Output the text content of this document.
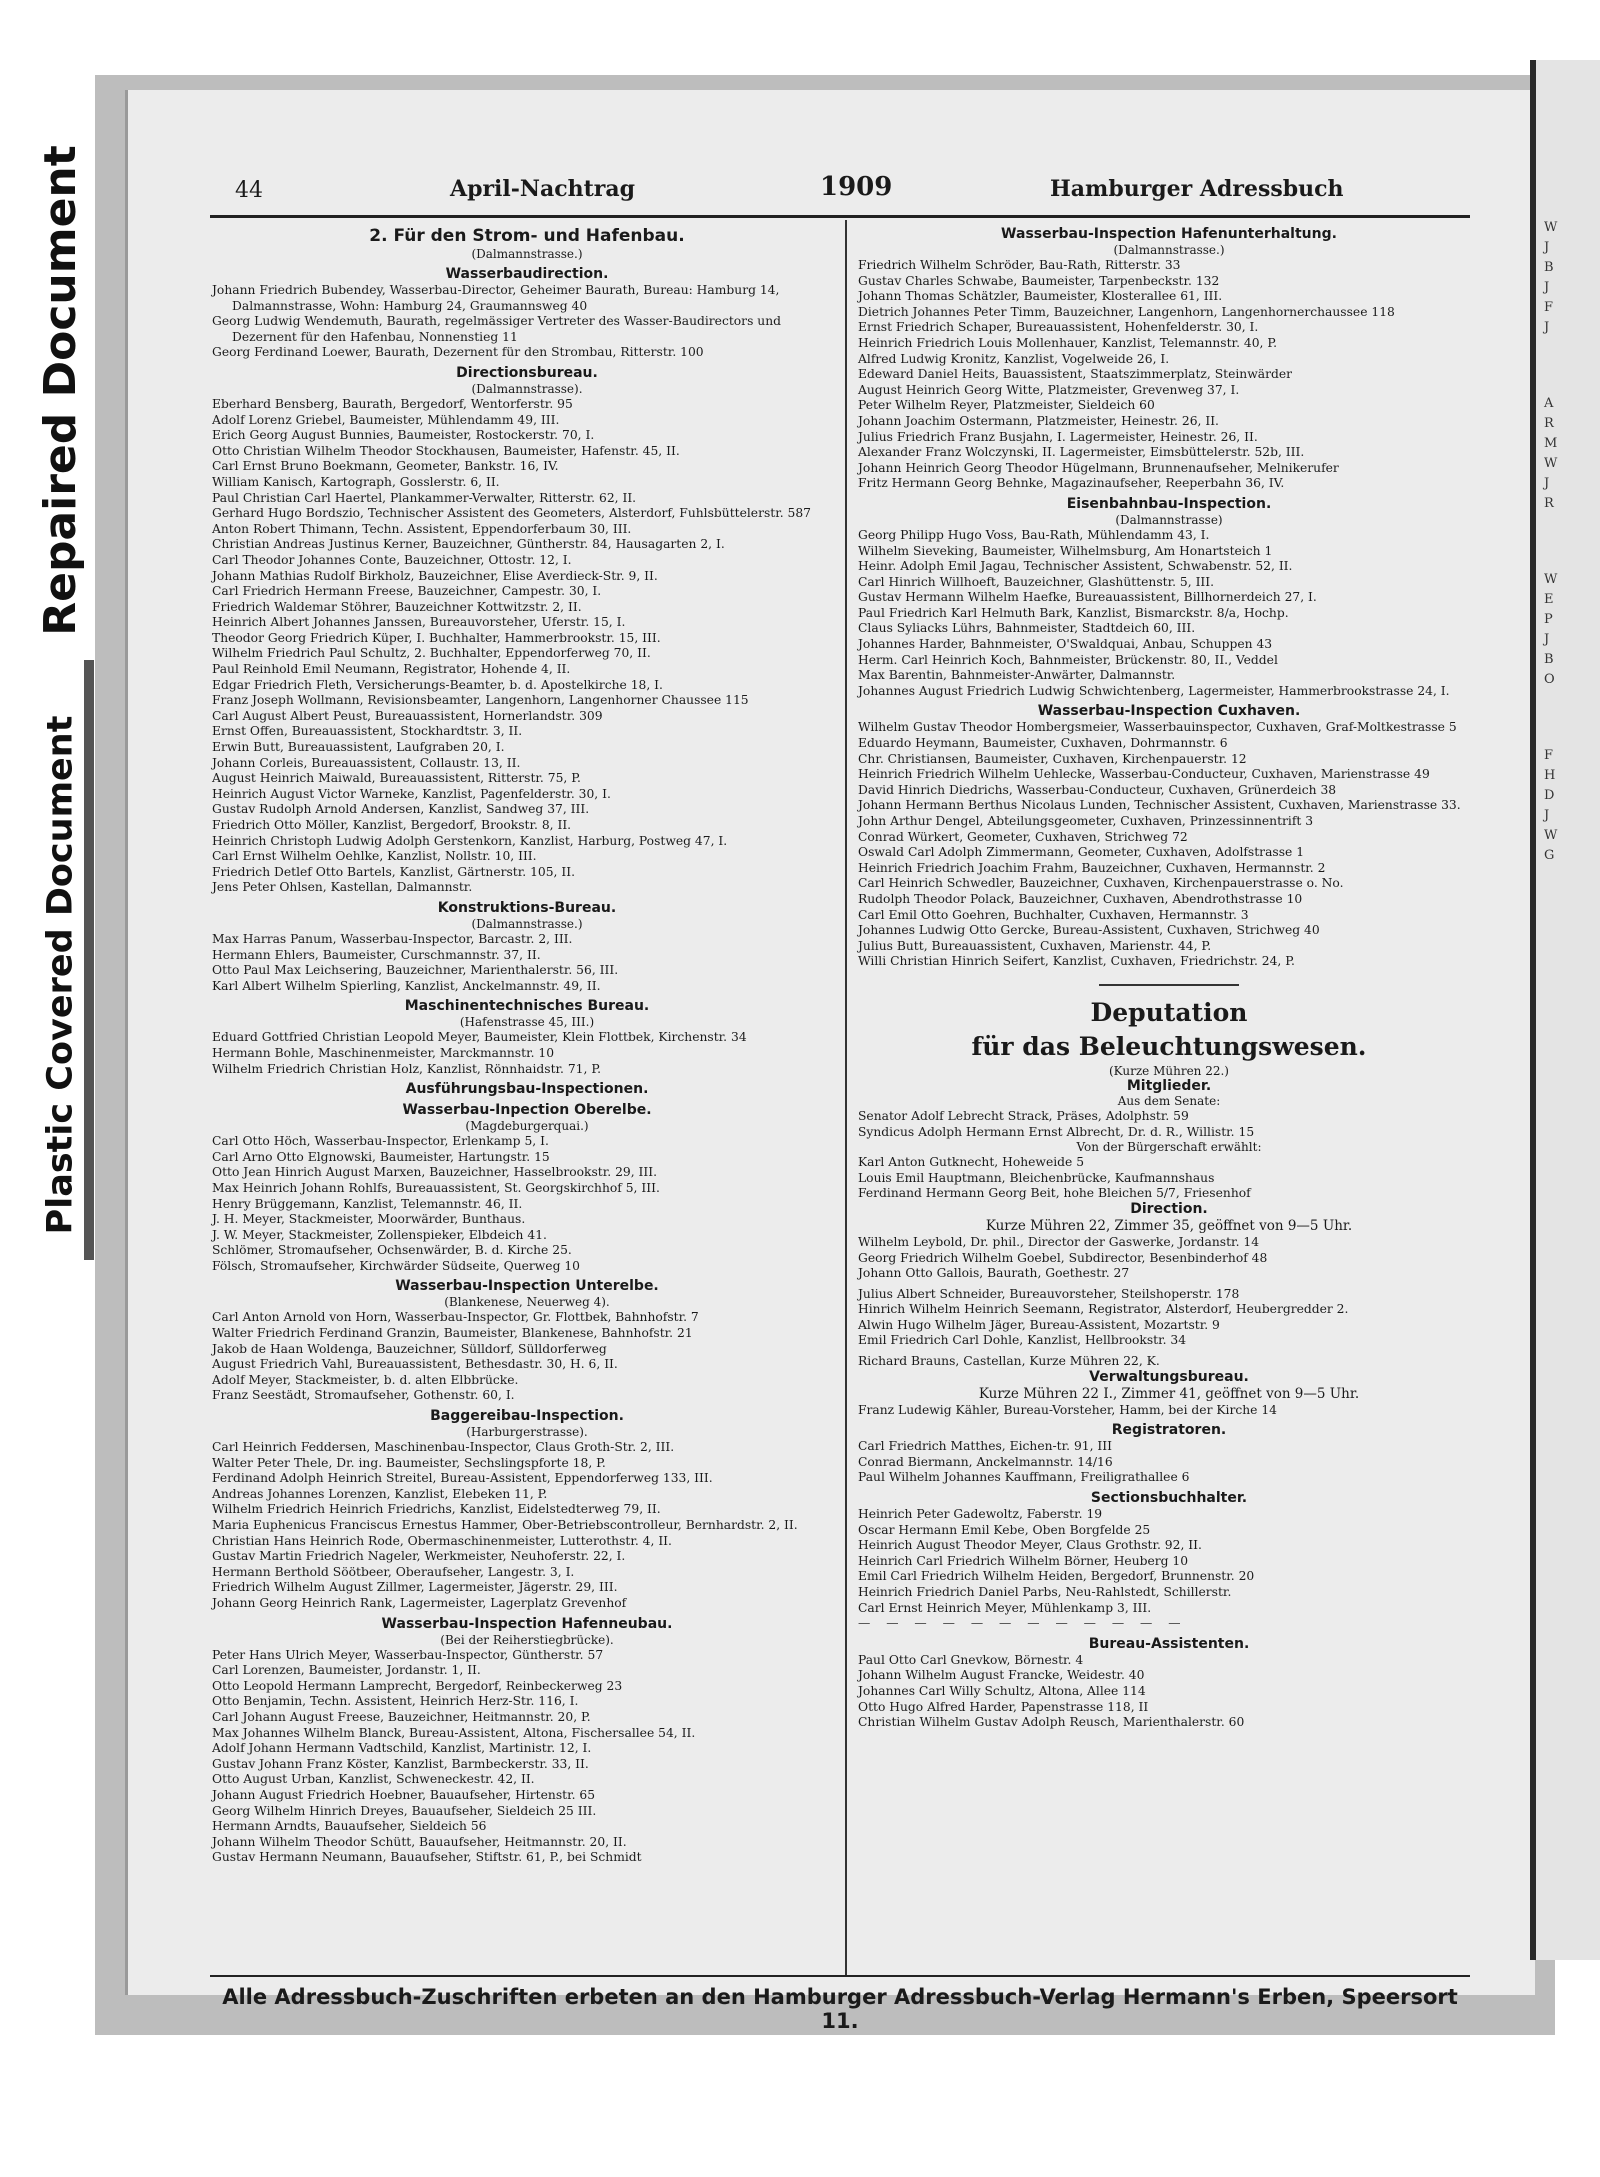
W
J
B
J
F
J
A
R
M
W
J
R
W
E
P
J
B
O
F
H
D
J
W
G
Repaired Document
Plastic Covered Document
44	April-Nachtrag	1909	Hamburger Adressbuch
2. Für den Strom- und Hafenbau.
(Dalmannstrasse.)
Wasserbaudirection.
Johann Friedrich Bubendey, Wasserbau-Director, Geheimer Baurath, Bureau: Hamburg 14, Dalmannstrasse, Wohn: Hamburg 24, Graumannsweg 40
Georg Ludwig Wendemuth, Baurath, regelmässiger Vertreter des Wasser-Baudirectors und Dezernent für den Hafenbau, Nonnenstieg 11
Georg Ferdinand Loewer, Baurath, Dezernent für den Strombau, Ritterstr. 100
Directionsbureau.
(Dalmannstrasse).
Eberhard Bensberg, Baurath, Bergedorf, Wentorferstr. 95
Adolf Lorenz Griebel, Baumeister, Mühlendamm 49, III.
Erich Georg August Bunnies, Baumeister, Rostockerstr. 70, I.
Otto Christian Wilhelm Theodor Stockhausen, Baumeister, Hafenstr. 45, II.
Carl Ernst Bruno Boekmann, Geometer, Bankstr. 16, IV.
William Kanisch, Kartograph, Gosslerstr. 6, II.
Paul Christian Carl Haertel, Plankammer-Verwalter, Ritterstr. 62, II.
Gerhard Hugo Bordszio, Technischer Assistent des Geometers, Alsterdorf, Fuhlsbüttelerstr. 587
Anton Robert Thimann, Techn. Assistent, Eppendorferbaum 30, III.
Christian Andreas Justinus Kerner, Bauzeichner, Güntherstr. 84, Hausagarten 2, I.
Carl Theodor Johannes Conte, Bauzeichner, Ottostr. 12, I.
Johann Mathias Rudolf Birkholz, Bauzeichner, Elise Averdieck-Str. 9, II.
Carl Friedrich Hermann Freese, Bauzeichner, Campestr. 30, I.
Friedrich Waldemar Stöhrer, Bauzeichner Kottwitzstr. 2, II.
Heinrich Albert Johannes Janssen, Bureauvorsteher, Uferstr. 15, I.
Theodor Georg Friedrich Küper, I. Buchhalter, Hammerbrookstr. 15, III.
Wilhelm Friedrich Paul Schultz, 2. Buchhalter, Eppendorferweg 70, II.
Paul Reinhold Emil Neumann, Registrator, Hohende 4, II.
Edgar Friedrich Fleth, Versicherungs-Beamter, b. d. Apostelkirche 18, I.
Franz Joseph Wollmann, Revisionsbeamter, Langenhorn, Langenhorner Chaussee 115
Carl August Albert Peust, Bureauassistent, Hornerlandstr. 309
Ernst Offen, Bureauassistent, Stockhardtstr. 3, II.
Erwin Butt, Bureauassistent, Laufgraben 20, I.
Johann Corleis, Bureauassistent, Collaustr. 13, II.
August Heinrich Maiwald, Bureauassistent, Ritterstr. 75, P.
Heinrich August Victor Warneke, Kanzlist, Pagenfelderstr. 30, I.
Gustav Rudolph Arnold Andersen, Kanzlist, Sandweg 37, III.
Friedrich Otto Möller, Kanzlist, Bergedorf, Brookstr. 8, II.
Heinrich Christoph Ludwig Adolph Gerstenkorn, Kanzlist, Harburg, Postweg 47, I.
Carl Ernst Wilhelm Oehlke, Kanzlist, Nollstr. 10, III.
Friedrich Detlef Otto Bartels, Kanzlist, Gärtnerstr. 105, II.
Jens Peter Ohlsen, Kastellan, Dalmannstr.
Konstruktions-Bureau.
(Dalmannstrasse.)
Max Harras Panum, Wasserbau-Inspector, Barcastr. 2, III.
Hermann Ehlers, Baumeister, Curschmannstr. 37, II.
Otto Paul Max Leichsering, Bauzeichner, Marienthalerstr. 56, III.
Karl Albert Wilhelm Spierling, Kanzlist, Anckelmannstr. 49, II.
Maschinentechnisches Bureau.
(Hafenstrasse 45, III.)
Eduard Gottfried Christian Leopold Meyer, Baumeister, Klein Flottbek, Kirchenstr. 34
Hermann Bohle, Maschinenmeister, Marckmannstr. 10
Wilhelm Friedrich Christian Holz, Kanzlist, Rönnhaidstr. 71, P.
Ausführungsbau-Inspectionen.
Wasserbau-Inpection Oberelbe.
(Magdeburgerquai.)
Carl Otto Höch, Wasserbau-Inspector, Erlenkamp 5, I.
Carl Arno Otto Elgnowski, Baumeister, Hartungstr. 15
Otto Jean Hinrich August Marxen, Bauzeichner, Hasselbrookstr. 29, III.
Max Heinrich Johann Rohlfs, Bureauassistent, St. Georgskirchhof 5, III.
Henry Brüggemann, Kanzlist, Telemannstr. 46, II.
J. H. Meyer, Stackmeister, Moorwärder, Bunthaus.
J. W. Meyer, Stackmeister, Zollenspieker, Elbdeich 41.
Schlömer, Stromaufseher, Ochsenwärder, B. d. Kirche 25.
Fölsch, Stromaufseher, Kirchwärder Südseite, Querweg 10
Wasserbau-Inspection Unterelbe.
(Blankenese, Neuerweg 4).
Carl Anton Arnold von Horn, Wasserbau-Inspector, Gr. Flottbek, Bahnhofstr. 7
Walter Friedrich Ferdinand Granzin, Baumeister, Blankenese, Bahnhofstr. 21
Jakob de Haan Woldenga, Bauzeichner, Sülldorf, Sülldorferweg
August Friedrich Vahl, Bureauassistent, Bethesdastr. 30, H. 6, II.
Adolf Meyer, Stackmeister, b. d. alten Elbbrücke.
Franz Seestädt, Stromaufseher, Gothenstr. 60, I.
Baggereibau-Inspection.
(Harburgerstrasse).
Carl Heinrich Feddersen, Maschinenbau-Inspector, Claus Groth-Str. 2, III.
Walter Peter Thele, Dr. ing. Baumeister, Sechslingspforte 18, P.
Ferdinand Adolph Heinrich Streitel, Bureau-Assistent, Eppendorferweg 133, III.
Andreas Johannes Lorenzen, Kanzlist, Elebeken 11, P.
Wilhelm Friedrich Heinrich Friedrichs, Kanzlist, Eidelstedterweg 79, II.
Maria Euphenicus Franciscus Ernestus Hammer, Ober-Betriebscontrolleur, Bernhardstr. 2, II.
Christian Hans Heinrich Rode, Obermaschinenmeister, Lutterothstr. 4, II.
Gustav Martin Friedrich Nageler, Werkmeister, Neuhoferstr. 22, I.
Hermann Berthold Söötbeer, Oberaufseher, Langestr. 3, I.
Friedrich Wilhelm August Zillmer, Lagermeister, Jägerstr. 29, III.
Johann Georg Heinrich Rank, Lagermeister, Lagerplatz Grevenhof
Wasserbau-Inspection Hafenneubau.
(Bei der Reiherstiegbrücke).
Peter Hans Ulrich Meyer, Wasserbau-Inspector, Güntherstr. 57
Carl Lorenzen, Baumeister, Jordanstr. 1, II.
Otto Leopold Hermann Lamprecht, Bergedorf, Reinbeckerweg 23
Otto Benjamin, Techn. Assistent, Heinrich Herz-Str. 116, I.
Carl Johann August Freese, Bauzeichner, Heitmannstr. 20, P.
Max Johannes Wilhelm Blanck, Bureau-Assistent, Altona, Fischersallee 54, II.
Adolf Johann Hermann Vadtschild, Kanzlist, Martinistr. 12, I.
Gustav Johann Franz Köster, Kanzlist, Barmbeckerstr. 33, II.
Otto August Urban, Kanzlist, Schweneckestr. 42, II.
Johann August Friedrich Hoebner, Bauaufseher, Hirtenstr. 65
Georg Wilhelm Hinrich Dreyes, Bauaufseher, Sieldeich 25 III.
Hermann Arndts, Bauaufseher, Sieldeich 56
Johann Wilhelm Theodor Schütt, Bauaufseher, Heitmannstr. 20, II.
Gustav Hermann Neumann, Bauaufseher, Stiftstr. 61, P., bei Schmidt
Wasserbau-Inspection Hafenunterhaltung.
(Dalmannstrasse.)
Friedrich Wilhelm Schröder, Bau-Rath, Ritterstr. 33
Gustav Charles Schwabe, Baumeister, Tarpenbeckstr. 132
Johann Thomas Schätzler, Baumeister, Klosterallee 61, III.
Dietrich Johannes Peter Timm, Bauzeichner, Langenhorn, Langenhornerchaussee 118
Ernst Friedrich Schaper, Bureauassistent, Hohenfelderstr. 30, I.
Heinrich Friedrich Louis Mollenhauer, Kanzlist, Telemannstr. 40, P.
Alfred Ludwig Kronitz, Kanzlist, Vogelweide 26, I.
Edeward Daniel Heits, Bauassistent, Staatszimmerplatz, Steinwärder
August Heinrich Georg Witte, Platzmeister, Grevenweg 37, I.
Peter Wilhelm Reyer, Platzmeister, Sieldeich 60
Johann Joachim Ostermann, Platzmeister, Heinestr. 26, II.
Julius Friedrich Franz Busjahn, I. Lagermeister, Heinestr. 26, II.
Alexander Franz Wolczynski, II. Lagermeister, Eimsbüttelerstr. 52b, III.
Johann Heinrich Georg Theodor Hügelmann, Brunnenaufseher, Melnikerufer
Fritz Hermann Georg Behnke, Magazinaufseher, Reeperbahn 36, IV.
Eisenbahnbau-Inspection.
(Dalmannstrasse)
Georg Philipp Hugo Voss, Bau-Rath, Mühlendamm 43, I.
Wilhelm Sieveking, Baumeister, Wilhelmsburg, Am Honartsteich 1
Heinr. Adolph Emil Jagau, Technischer Assistent, Schwabenstr. 52, II.
Carl Hinrich Willhoeft, Bauzeichner, Glashüttenstr. 5, III.
Gustav Hermann Wilhelm Haefke, Bureauassistent, Billhornerdeich 27, I.
Paul Friedrich Karl Helmuth Bark, Kanzlist, Bismarckstr. 8/a, Hochp.
Claus Syliacks Lührs, Bahnmeister, Stadtdeich 60, III.
Johannes Harder, Bahnmeister, O'Swaldquai, Anbau, Schuppen 43
Herm. Carl Heinrich Koch, Bahnmeister, Brückenstr. 80, II., Veddel
Max Barentin, Bahnmeister-Anwärter, Dalmannstr.
Johannes August Friedrich Ludwig Schwichtenberg, Lagermeister, Hammerbrookstrasse 24, I.
Wasserbau-Inspection Cuxhaven.
Wilhelm Gustav Theodor Hombergsmeier, Wasserbauinspector, Cuxhaven, Graf-Moltkestrasse 5
Eduardo Heymann, Baumeister, Cuxhaven, Dohrmannstr. 6
Chr. Christiansen, Baumeister, Cuxhaven, Kirchenpauerstr. 12
Heinrich Friedrich Wilhelm Uehlecke, Wasserbau-Conducteur, Cuxhaven, Marienstrasse 49
David Hinrich Diedrichs, Wasserbau-Conducteur, Cuxhaven, Grünerdeich 38
Johann Hermann Berthus Nicolaus Lunden, Technischer Assistent, Cuxhaven, Marienstrasse 33.
John Arthur Dengel, Abteilungsgeometer, Cuxhaven, Prinzessinnentrift 3
Conrad Würkert, Geometer, Cuxhaven, Strichweg 72
Oswald Carl Adolph Zimmermann, Geometer, Cuxhaven, Adolfstrasse 1
Heinrich Friedrich Joachim Frahm, Bauzeichner, Cuxhaven, Hermannstr. 2
Carl Heinrich Schwedler, Bauzeichner, Cuxhaven, Kirchenpauerstrasse o. No.
Rudolph Theodor Polack, Bauzeichner, Cuxhaven, Abendrothstrasse 10
Carl Emil Otto Goehren, Buchhalter, Cuxhaven, Hermannstr. 3
Johannes Ludwig Otto Gercke, Bureau-Assistent, Cuxhaven, Strichweg 40
Julius Butt, Bureauassistent, Cuxhaven, Marienstr. 44, P.
Willi Christian Hinrich Seifert, Kanzlist, Cuxhaven, Friedrichstr. 24, P.
Deputation
für das Beleuchtungswesen.
(Kurze Mühren 22.)
Mitglieder.
Aus dem Senate:
Senator Adolf Lebrecht Strack, Präses, Adolphstr. 59
Syndicus Adolph Hermann Ernst Albrecht, Dr. d. R., Willistr. 15
Von der Bürgerschaft erwählt:
Karl Anton Gutknecht, Hoheweide 5
Louis Emil Hauptmann, Bleichenbrücke, Kaufmannshaus
Ferdinand Hermann Georg Beit, hohe Bleichen 5/7, Friesenhof
Direction.
Kurze Mühren 22, Zimmer 35, geöffnet von 9—5 Uhr.
Wilhelm Leybold, Dr. phil., Director der Gaswerke, Jordanstr. 14
Georg Friedrich Wilhelm Goebel, Subdirector, Besenbinderhof 48
Johann Otto Gallois, Baurath, Goethestr. 27
Julius Albert Schneider, Bureauvorsteher, Steilshoperstr. 178
Hinrich Wilhelm Heinrich Seemann, Registrator, Alsterdorf, Heubergredder 2.
Alwin Hugo Wilhelm Jäger, Bureau-Assistent, Mozartstr. 9
Emil Friedrich Carl Dohle, Kanzlist, Hellbrookstr. 34
Richard Brauns, Castellan, Kurze Mühren 22, K.
Verwaltungsbureau.
Kurze Mühren 22 I., Zimmer 41, geöffnet von 9—5 Uhr.
Franz Ludewig Kähler, Bureau-Vorsteher, Hamm, bei der Kirche 14
Registratoren.
Carl Friedrich Matthes, Eichen-tr. 91, III
Conrad Biermann, Anckelmannstr. 14/16
Paul Wilhelm Johannes Kauffmann, Freiligrathallee 6
Sectionsbuchhalter.
Heinrich Peter Gadewoltz, Faberstr. 19
Oscar Hermann Emil Kebe, Oben Borgfelde 25
Heinrich August Theodor Meyer, Claus Grothstr. 92, II.
Heinrich Carl Friedrich Wilhelm Börner, Heuberg 10
Emil Carl Friedrich Wilhelm Heiden, Bergedorf, Brunnenstr. 20
Heinrich Friedrich Daniel Parbs, Neu-Rahlstedt, Schillerstr.
Carl Ernst Heinrich Meyer, Mühlenkamp 3, III.
— — — — — — — — — — — —
Bureau-Assistenten.
Paul Otto Carl Gnevkow, Börnestr. 4
Johann Wilhelm August Francke, Weidestr. 40
Johannes Carl Willy Schultz, Altona, Allee 114
Otto Hugo Alfred Harder, Papenstrasse 118, II
Christian Wilhelm Gustav Adolph Reusch, Marienthalerstr. 60
Alle Adressbuch-Zuschriften erbeten an den Hamburger Adressbuch-Verlag Hermann's Erben, Speersort 11.
